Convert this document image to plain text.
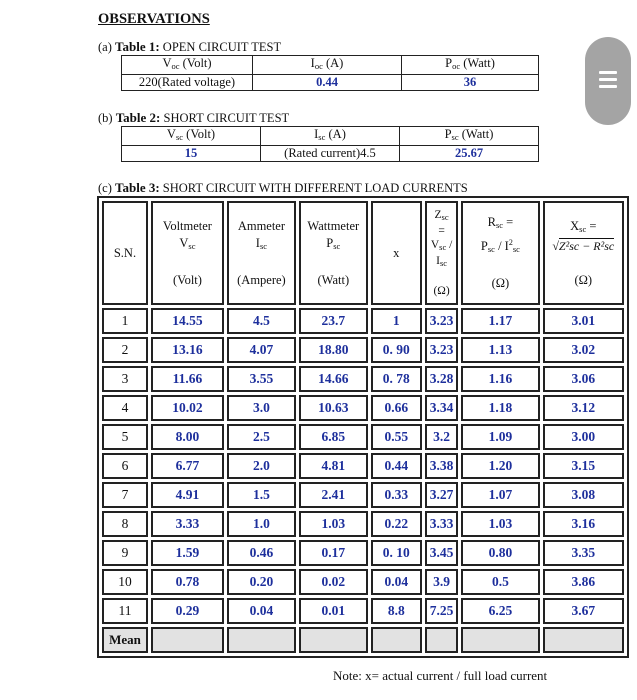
OBSERVATIONS
(a) Table 1: OPEN CIRCUIT TEST
$V_{oc}$ (Volt)	$I_{oc}$ (A)	$P_{oc}$ (Watt)
220(Rated voltage)	0.44	36
(b) Table 2: SHORT CIRCUIT TEST
$V_{sc}$ (Volt)	$I_{sc}$ (A)	$P_{sc}$ (Watt)
15	(Rated current)4.5	25.67
(c) Table 3: SHORT CIRCUIT WITH DIFFERENT LOAD CURRENTS
S.N.	Voltmeter
$V_{sc}$

(Volt)	Ammeter
$I_{sc}$

(Ampere)	Wattmeter
$P_{sc}$

(Watt)	x	$Z_{sc}$
=
$V_{sc}$ /
$I_{sc}$

(Ω)	$R_{sc}$ =
$P_{sc} / I^2_{sc}$

(Ω)	$X_{sc}$ =
√Z²sc − R²sc

(Ω)

1	14.55	4.5	23.7	1	3.23	1.17	3.01
2	13.16	4.07	18.80	0. 90	3.23	1.13	3.02
3	11.66	3.55	14.66	0. 78	3.28	1.16	3.06
4	10.02	3.0	10.63	0.66	3.34	1.18	3.12
5	8.00	2.5	6.85	0.55	3.2	1.09	3.00
6	6.77	2.0	4.81	0.44	3.38	1.20	3.15
7	4.91	1.5	2.41	0.33	3.27	1.07	3.08
8	3.33	1.0	1.03	0.22	3.33	1.03	3.16
9	1.59	0.46	0.17	0. 10	3.45	0.80	3.35
10	0.78	0.20	0.02	0.04	3.9	0.5	3.86
11	0.29	0.04	0.01	8.8	7.25	6.25	3.67
Mean							
Note: x= actual current / full load current
